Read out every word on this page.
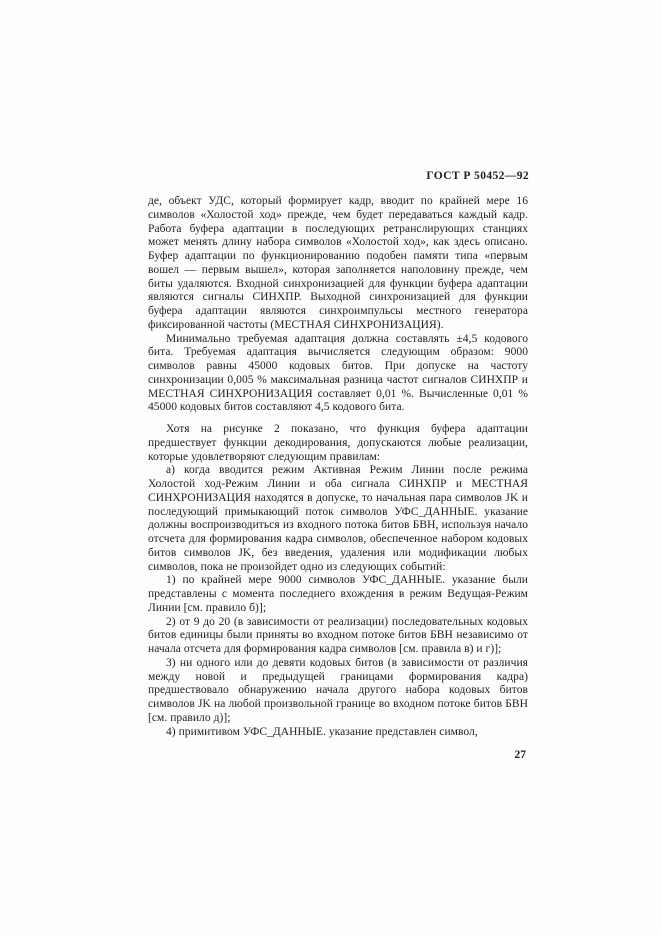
ГОСТ Р 50452—92

де, объект УДС, который формирует кадр, вводит по крайней мере 16 символов «Холостой ход» прежде, чем будет передаваться каждый кадр. Работа буфера адаптации в последующих ретранслирующих станциях может менять длину набора символов «Холостой ход», как здесь описано. Буфер адаптации по функционированию подобен памяти типа «первым вошел — первым вышел», которая заполняется наполовину прежде, чем биты удаляются. Входной синхронизацией для функции буфера адаптации являются сигналы СИНХПР. Выходной синхронизацией для функции буфера адаптации являются синхроимпульсы местного генератора фиксированной частоты (МЕСТНАЯ СИНХРОНИЗАЦИЯ).

Минимально требуемая адаптация должна составлять ±4,5 кодового бита. Требуемая адаптация вычисляется следующим образом: 9000 символов равны 45000 кодовых битов. При допуске на частоту синхронизации 0,005 % максимальная разница частот сигналов СИНХПР и МЕСТНАЯ СИНХРОНИЗАЦИЯ составляет 0,01 %. Вычисленные 0,01 % 45000 кодовых битов составляют 4,5 кодового бита.

Хотя на рисунке 2 показано, что функция буфера адаптации предшествует функции декодирования, допускаются любые реализации, которые удовлетворяют следующим правилам:

а) когда вводится режим Активная Режим Линии после режима Холостой ход-Режим Линии и оба сигнала СИНХПР и МЕСТНАЯ СИНХРОНИЗАЦИЯ находятся в допуске, то начальная пара символов JK и последующий примыкающий поток символов УФС_ДАННЫЕ. указание должны воспроизводиться из входного потока битов БВН, используя начало отсчета для формирования кадра символов, обеспеченное набором кодовых битов символов JK, без введения, удаления или модификации любых символов, пока не произойдет одно из следующих событий:

1) по крайней мере 9000 символов УФС_ДАННЫЕ. указание были представлены с момента последнего вхождения в режим Ведущая-Режим Линии [см. правило б)];

2) от 9 до 20 (в зависимости от реализации) последовательных кодовых битов единицы были приняты во входном потоке битов БВН независимо от начала отсчета для формирования кадра символов [см. правила в) и г)];

3) ни одного или до девяти кодовых битов (в зависимости от различия между новой и предыдущей границами формирования кадра) предшествовало обнаружению начала другого набора кодовых битов символов JK на любой произвольной границе во входном потоке битов БВН [см. правило д)];

4) примитивом УФС_ДАННЫЕ. указание представлен символ,

27
